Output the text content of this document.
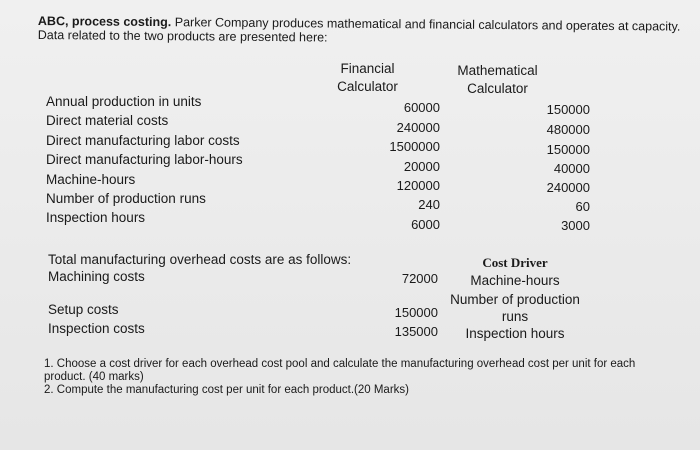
ABC, process costing. Parker Company produces mathematical and financial calculators and operates at capacity.
Data related to the two products are presented here:
Financial
Calculator
Mathematical
Calculator
Annual production in units
Direct material costs
Direct manufacturing labor costs
Direct manufacturing labor-hours
Machine-hours
Number of production runs
Inspection hours
60000
240000
1500000
20000
120000
240
6000
150000
480000
150000
40000
240000
60
3000
Total manufacturing overhead costs are as follows:
Machining costs
Setup costs
Inspection costs
72000
150000
135000
Cost Driver
Machine-hours
Number of production
runs
Inspection hours
1. Choose a cost driver for each overhead cost pool and calculate the manufacturing overhead cost per unit for each
product. (40 marks)
2. Compute the manufacturing cost per unit for each product.(20 Marks)
